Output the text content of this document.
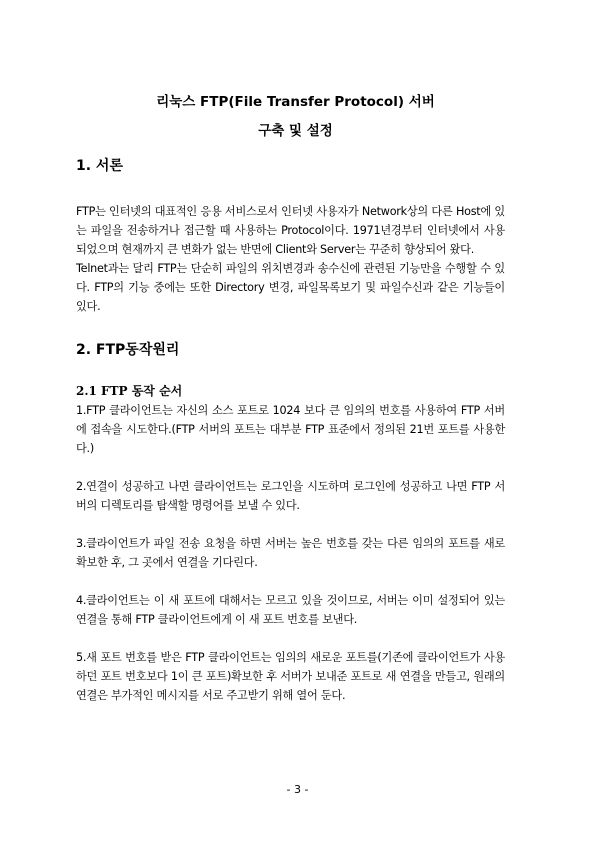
리눅스 FTP(File Transfer Protocol) 서버
구축 및 설정
1. 서론

FTP는 인터넷의 대표적인 응용 서비스로서 인터넷 사용자가 Network상의 다른 Host에 있는 파일을 전송하거나 접근할 때 사용하는 Protocol이다. 1971년경부터 인터넷에서 사용되었으며 현재까지 큰 변화가 없는 반면에 Client와 Server는 꾸준히 향상되어 왔다.

Telnet과는 달리 FTP는 단순히 파일의 위치변경과 송수신에 관련된 기능만을 수행할 수 있다. FTP의 기능 중에는 또한 Directory 변경, 파일목록보기 및 파일수신과 같은 기능들이 있다.

2. FTP동작원리
2.1 FTP 동작 순서

1.FTP 클라이언트는 자신의 소스 포트로 1024 보다 큰 임의의 번호를 사용하여 FTP 서버에 접속을 시도한다.(FTP 서버의 포트는 대부분 FTP 표준에서 정의된 21번 포트를 사용한다.)

2.연결이 성공하고 나면 클라이언트는 로그인을 시도하며 로그인에 성공하고 나면 FTP 서버의 디렉토리를 탐색할 명령어를 보낼 수 있다.

3.클라이언트가 파일 전송 요청을 하면 서버는 높은 번호를 갖는 다른 임의의 포트를 새로 확보한 후, 그 곳에서 연결을 기다린다.

4.클라이언트는 이 새 포트에 대해서는 모르고 있을 것이므로, 서버는 이미 설정되어 있는 연결을 통해 FTP 클라이언트에게 이 새 포트 번호를 보낸다.

5.새 포트 번호를 받은 FTP 클라이언트는 임의의 새로운 포트를(기존에 클라이언트가 사용하던 포트 번호보다 1이 큰 포트)확보한 후 서버가 보내준 포트로 새 연결을 만들고, 원래의 연결은 부가적인 메시지를 서로 주고받기 위해 열어 둔다.

- 3 -
